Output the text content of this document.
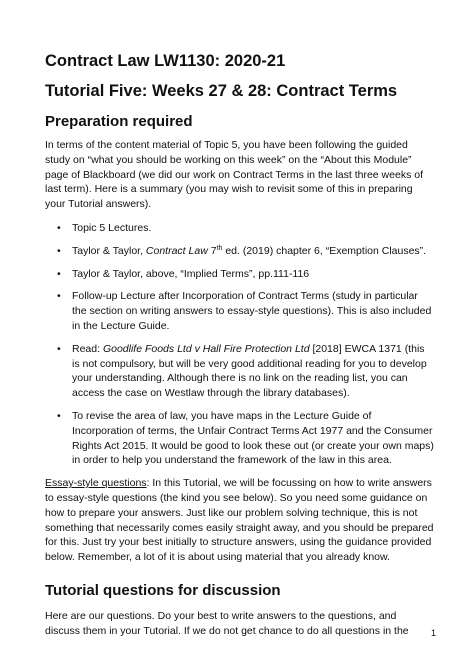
Contract Law LW1130: 2020-21
Tutorial Five: Weeks 27 & 28: Contract Terms
Preparation required

In terms of the content material of Topic 5, you have been following the guided study on “what you should be working on this week” on the “About this Module” page of Blackboard (we did our work on Contract Terms in the last three weeks of last term). Here is a summary (you may wish to revisit some of this in preparing your Tutorial answers).

• Topic 5 Lectures.
• Taylor & Taylor, Contract Law 7th ed. (2019) chapter 6, “Exemption Clauses”.
• Taylor & Taylor, above, “Implied Terms”, pp.111-116
• Follow-up Lecture after Incorporation of Contract Terms (study in particular the section on writing answers to essay-style questions). This is also included in the Lecture Guide.
• Read: Goodlife Foods Ltd v Hall Fire Protection Ltd [2018] EWCA 1371 (this is not compulsory, but will be very good additional reading for you to develop your understanding. Although there is no link on the reading list, you can access the case on Westlaw through the library databases).
• To revise the area of law, you have maps in the Lecture Guide of Incorporation of terms, the Unfair Contract Terms Act 1977 and the Consumer Rights Act 2015. It would be good to look these out (or create your own maps) in order to help you understand the framework of the law in this area.

Essay-style questions: In this Tutorial, we will be focussing on how to write answers to essay-style questions (the kind you see below). So you need some guidance on how to prepare your answers. Just like our problem solving technique, this is not something that necessarily comes easily straight away, and you should be prepared for this. Just try your best initially to structure answers, using the guidance provided below. Remember, a lot of it is about using material that you already know.

Tutorial questions for discussion

Here are our questions. Do your best to write answers to the questions, and discuss them in your Tutorial. If we do not get chance to do all questions in the	1
